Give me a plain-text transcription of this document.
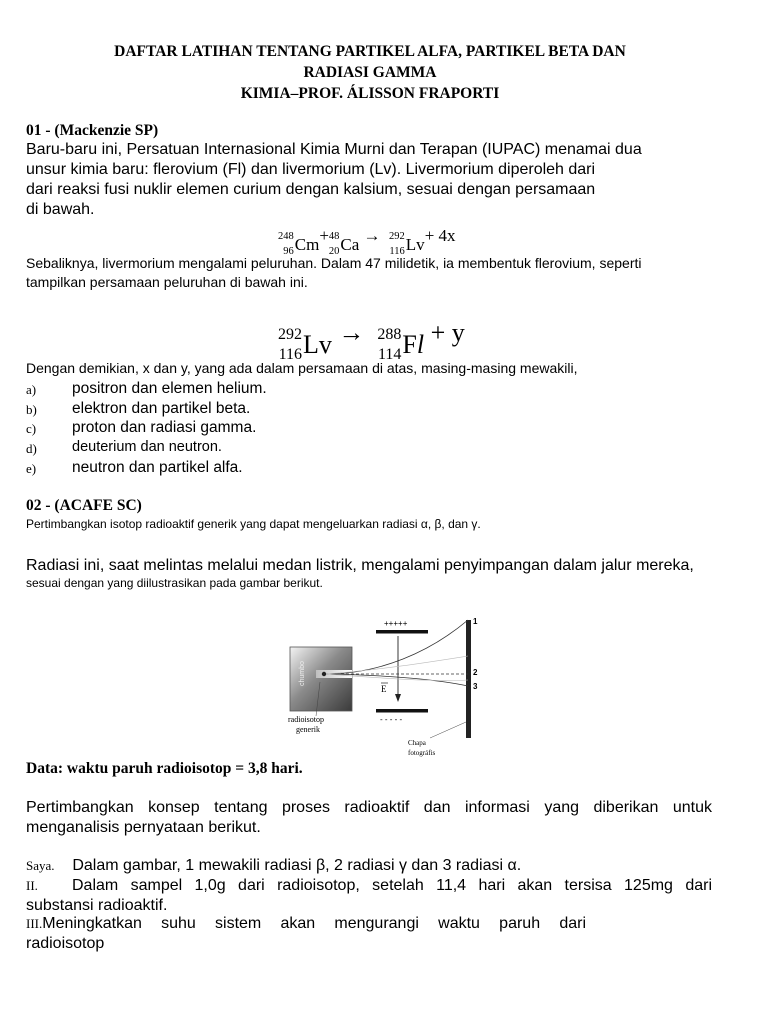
DAFTAR LATIHAN TENTANG PARTIKEL ALFA, PARTIKEL BETA DAN
RADIASI GAMMA
KIMIA–PROF. ÁLISSON FRAPORTI
01 - (Mackenzie SP)
Baru-baru ini, Persatuan Internasional Kimia Murni dan Terapan (IUPAC) menamai dua
unsur kimia baru: flerovium (Fl) dan livermorium (Lv). Livermorium diperoleh dari
dari reaksi fusi nuklir elemen curium dengan kalsium, sesuai dengan persamaan
di bawah.
248
96 Cm + 48
20 Ca → 292
116 Lv + 4x
Sebaliknya, livermorium mengalami peluruhan. Dalam 47 milidetik, ia membentuk flerovium, seperti
tampilkan persamaan peluruhan di bawah ini.
292
116 Lv → 288
114 F l + y
Dengan demikian, x dan y, yang ada dalam persamaan di atas, masing-masing mewakili,
a) positron dan elemen helium.
b) elektron dan partikel beta.
c) proton dan radiasi gamma.
d) deuterium dan neutron.
e) neutron dan partikel alfa.
02 - (ACAFE SC)
Pertimbangkan isotop radioaktif generik yang dapat mengeluarkan radiasi α, β, dan γ.
Radiasi ini, saat melintas melalui medan listrik, mengalami penyimpangan dalam jalur mereka,
sesuai dengan yang diilustrasikan pada gambar berikut.
chumbo
+++++
- - - - -
E
1
2
3
radioisotop
generik
Chapa
fotográfis
Data: waktu paruh radioisotop = 3,8 hari.
Pertimbangkan konsep tentang proses radioaktif dan informasi yang diberikan untuk
menganalisis pernyataan berikut.
Saya. Dalam gambar, 1 mewakili radiasi β, 2 radiasi γ dan 3 radiasi α.
II.	Dalam sampel 1,0g dari radioisotop, setelah 11,4 hari akan tersisa 125mg dari
substansi radioaktif.
III. Meningkatkan suhu sistem akan mengurangi waktu paruh dari
radioisotop
